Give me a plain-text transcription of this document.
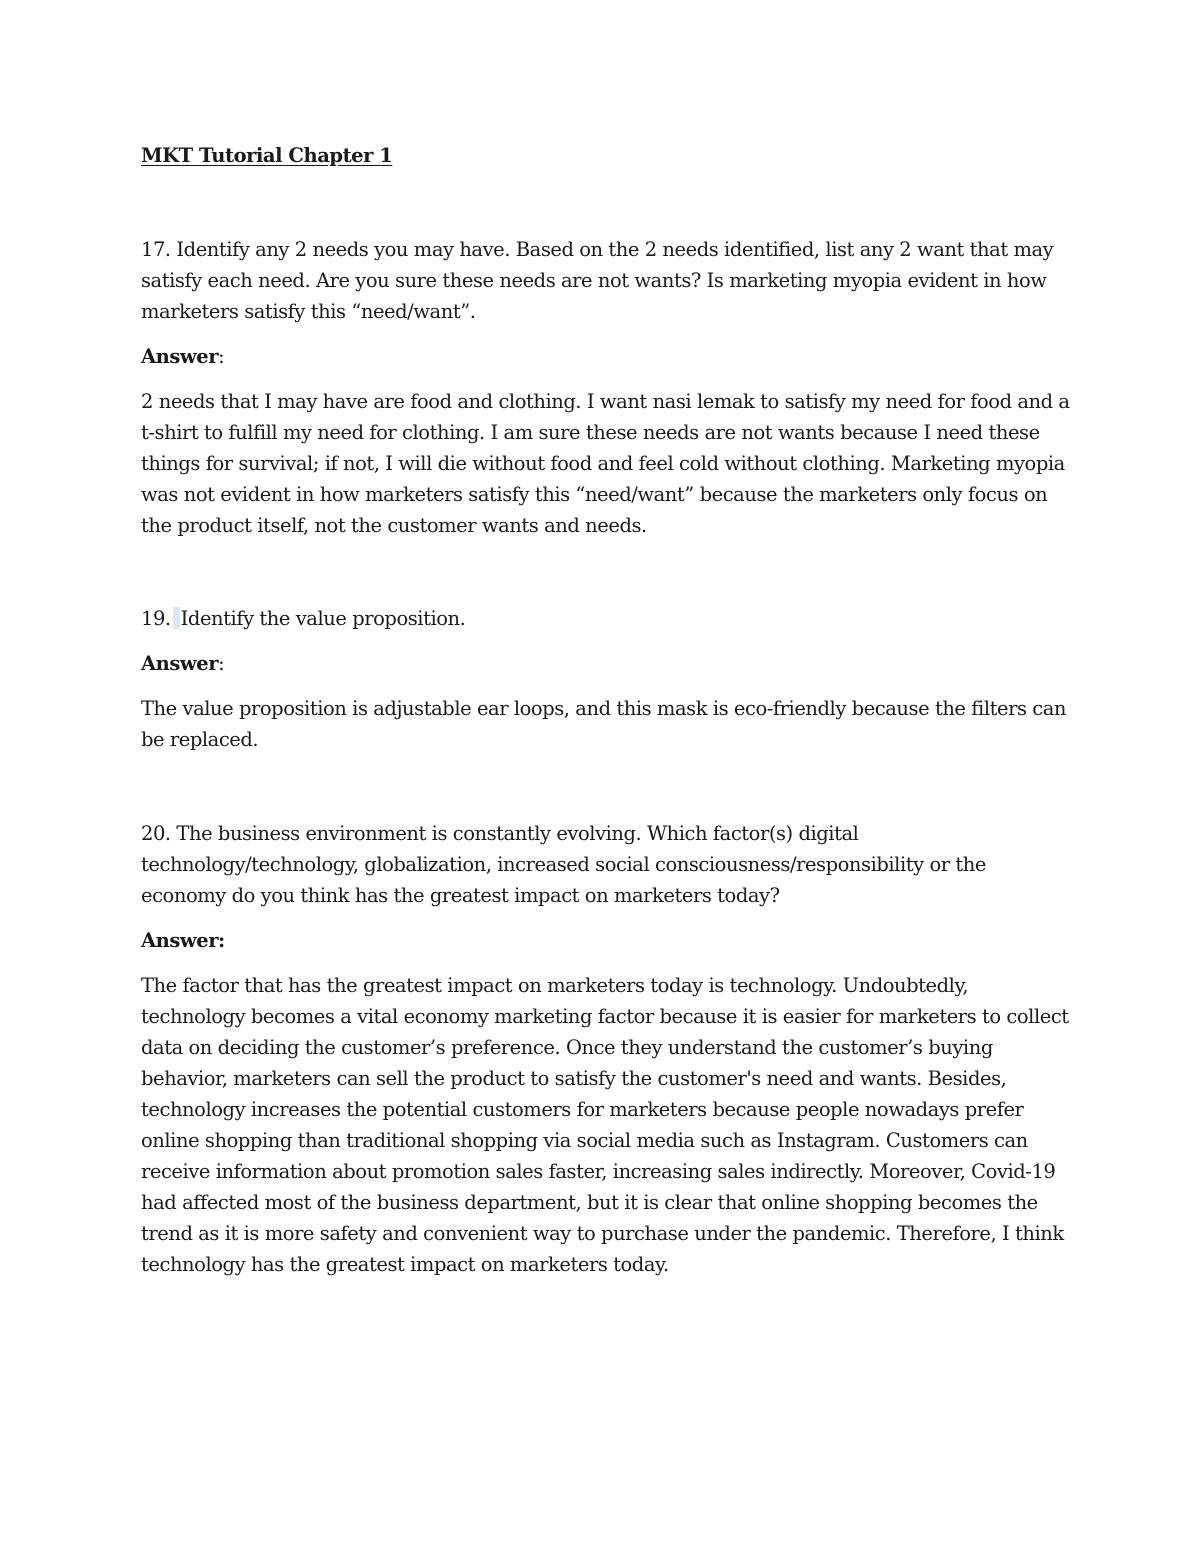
MKT Tutorial Chapter 1

17. Identify any 2 needs you may have. Based on the 2 needs identified, list any 2 want that may satisfy each need. Are you sure these needs are not wants? Is marketing myopia evident in how marketers satisfy this “need/want”.

Answer:

2 needs that I may have are food and clothing. I want nasi lemak to satisfy my need for food and a t-shirt to fulfill my need for clothing. I am sure these needs are not wants because I need these things for survival; if not, I will die without food and feel cold without clothing. Marketing myopia was not evident in how marketers satisfy this “need/want” because the marketers only focus on the product itself, not the customer wants and needs.

19. Identify the value proposition.

Answer:

The value proposition is adjustable ear loops, and this mask is eco-friendly because the filters can be replaced.

20. The business environment is constantly evolving. Which factor(s) digital technology/technology, globalization, increased social consciousness/responsibility or the economy do you think has the greatest impact on marketers today?

Answer:

The factor that has the greatest impact on marketers today is technology. Undoubtedly, technology becomes a vital economy marketing factor because it is easier for marketers to collect data on deciding the customer’s preference. Once they understand the customer’s buying behavior, marketers can sell the product to satisfy the customer's need and wants. Besides, technology increases the potential customers for marketers because people nowadays prefer online shopping than traditional shopping via social media such as Instagram. Customers can receive information about promotion sales faster, increasing sales indirectly. Moreover, Covid-19 had affected most of the business department, but it is clear that online shopping becomes the trend as it is more safety and convenient way to purchase under the pandemic. Therefore, I think technology has the greatest impact on marketers today.
